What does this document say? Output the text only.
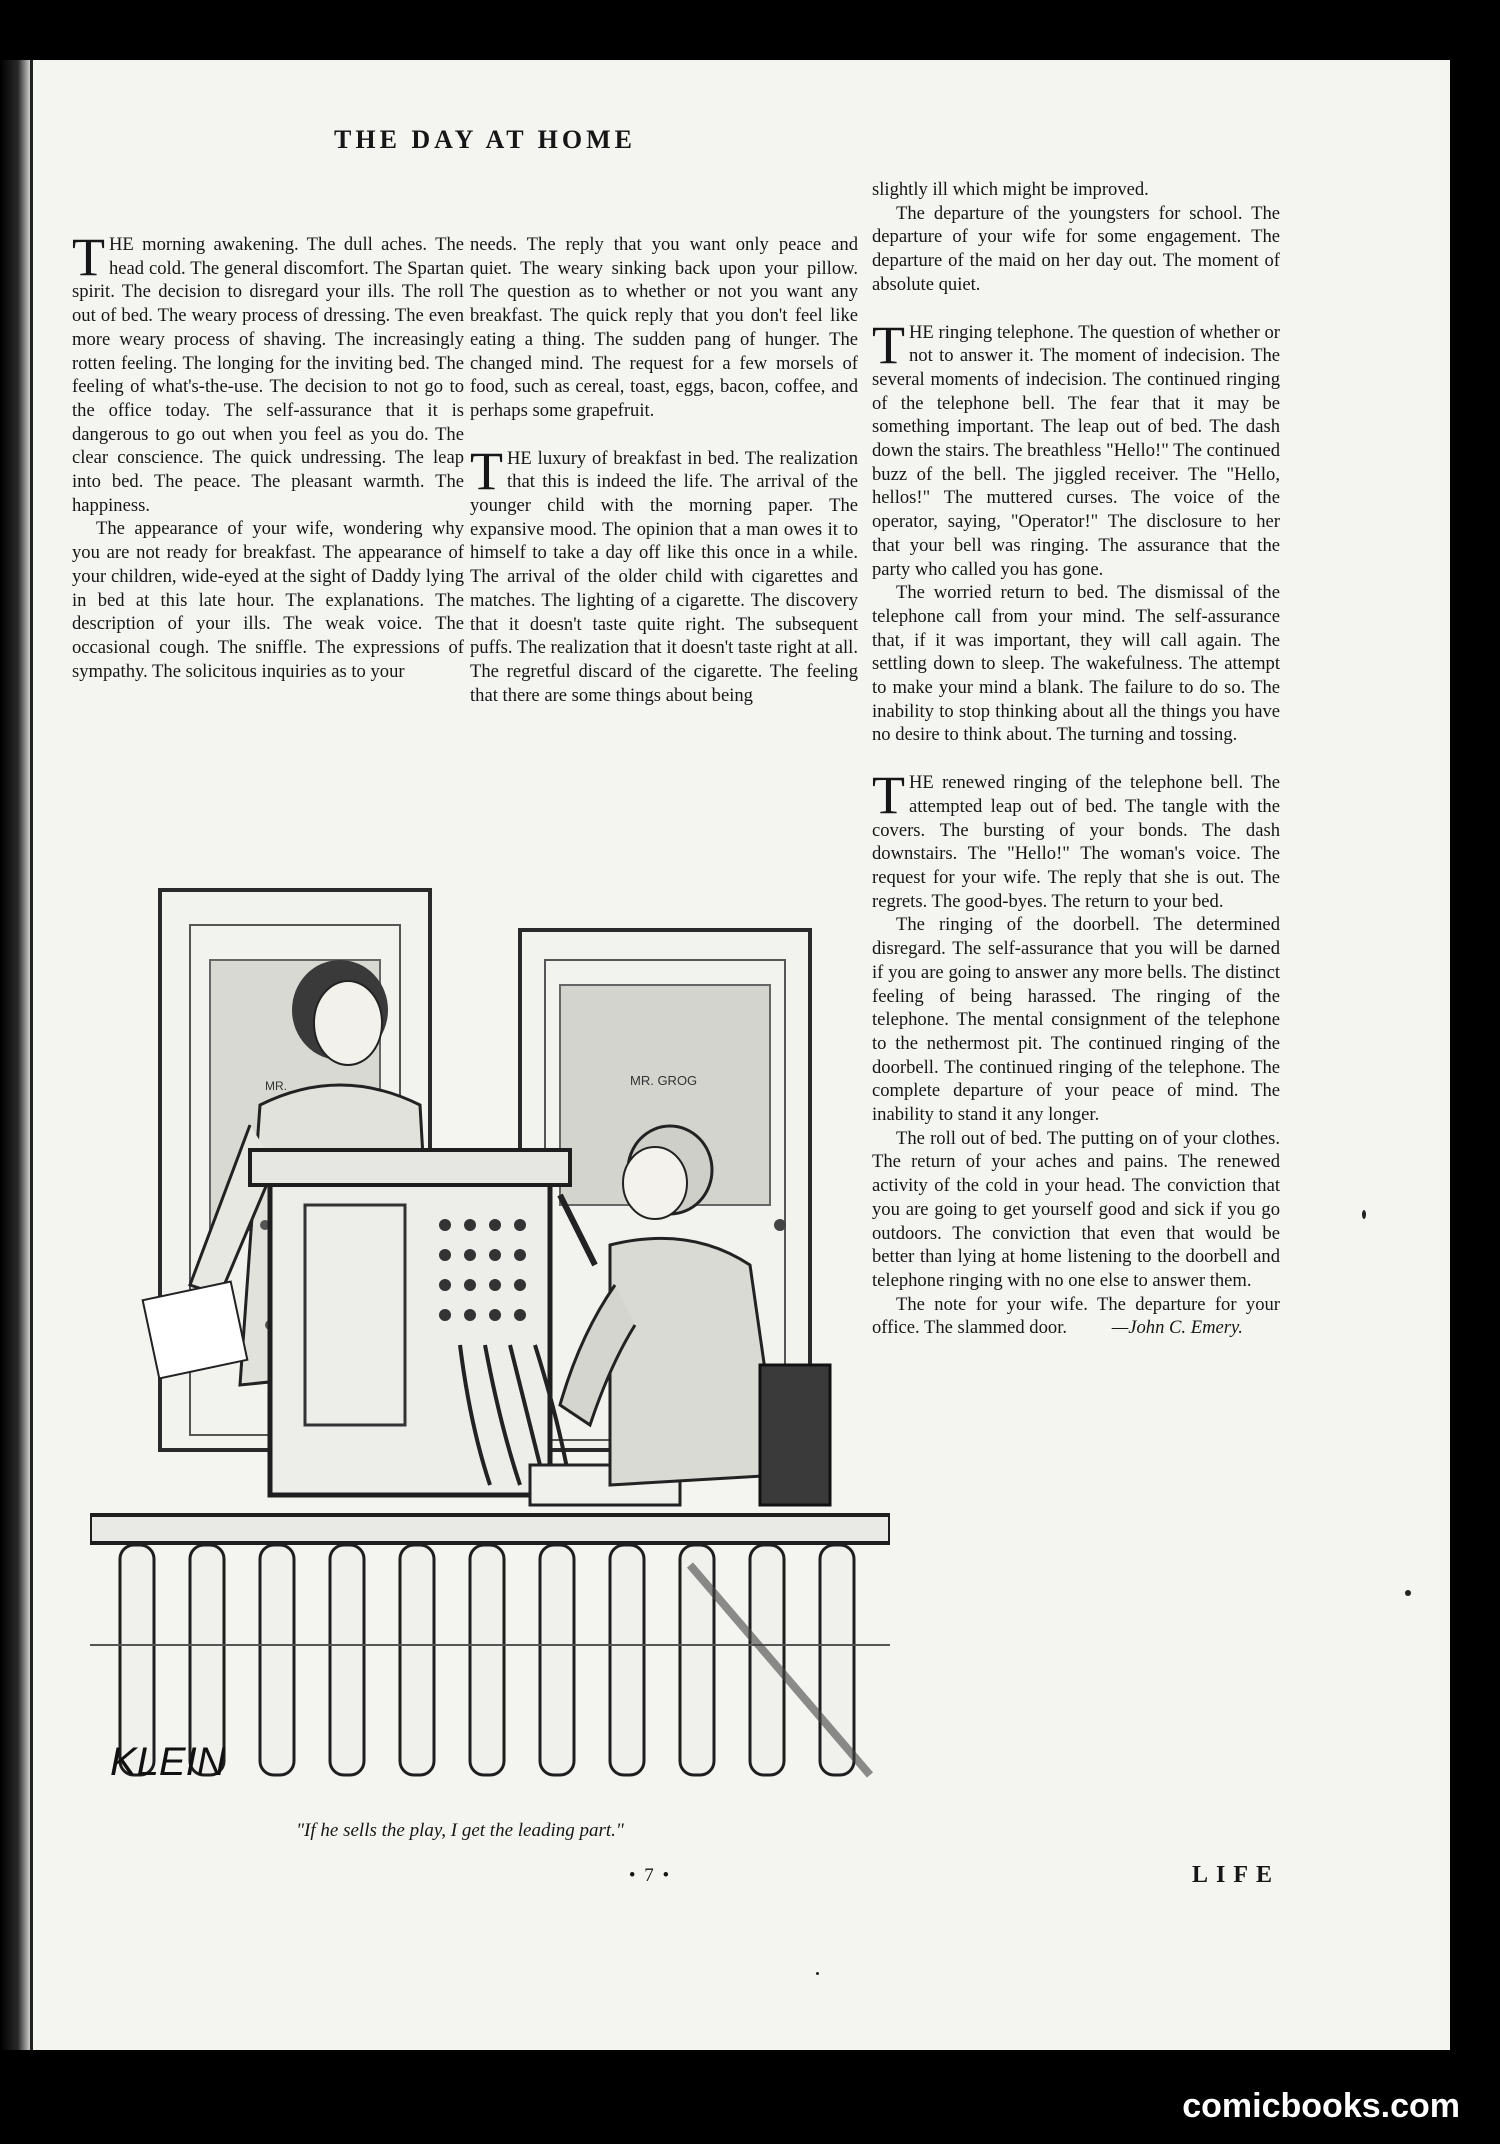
THE DAY AT HOME

THE morning awakening. The dull aches. The head cold. The general discomfort. The Spartan spirit. The decision to disregard your ills. The roll out of bed. The weary process of dressing. The even more weary process of shaving. The increasingly rotten feeling. The longing for the inviting bed. The feeling of what's-the-use. The decision to not go to the office today. The self-assurance that it is dangerous to go out when you feel as you do. The clear conscience. The quick undressing. The leap into bed. The peace. The pleasant warmth. The happiness.

The appearance of your wife, wondering why you are not ready for breakfast. The appearance of your children, wide-eyed at the sight of Daddy lying in bed at this late hour. The explanations. The description of your ills. The weak voice. The occasional cough. The sniffle. The expressions of sympathy. The solicitous inquiries as to your

needs. The reply that you want only peace and quiet. The weary sinking back upon your pillow. The question as to whether or not you want any breakfast. The quick reply that you don't feel like eating a thing. The sudden pang of hunger. The changed mind. The request for a few morsels of food, such as cereal, toast, eggs, bacon, coffee, and perhaps some grapefruit.

THE luxury of breakfast in bed. The realization that this is indeed the life. The arrival of the younger child with the morning paper. The expansive mood. The opinion that a man owes it to himself to take a day off like this once in a while. The arrival of the older child with cigarettes and matches. The lighting of a cigarette. The discovery that it doesn't taste quite right. The subsequent puffs. The realization that it doesn't taste right at all. The regretful discard of the cigarette. The feeling that there are some things about being

slightly ill which might be improved.

The departure of the youngsters for school. The departure of your wife for some engagement. The departure of the maid on her day out. The moment of absolute quiet.

THE ringing telephone. The question of whether or not to answer it. The moment of indecision. The several moments of indecision. The continued ringing of the telephone bell. The fear that it may be something important. The leap out of bed. The dash down the stairs. The breathless "Hello!" The continued buzz of the bell. The jiggled receiver. The "Hello, hellos!" The muttered curses. The voice of the operator, saying, "Operator!" The disclosure to her that your bell was ringing. The assurance that the party who called you has gone.

The worried return to bed. The dismissal of the telephone call from your mind. The self-assurance that, if it was important, they will call again. The settling down to sleep. The wakefulness. The attempt to make your mind a blank. The failure to do so. The inability to stop thinking about all the things you have no desire to think about. The turning and tossing.

THE renewed ringing of the telephone bell. The attempted leap out of bed. The tangle with the covers. The bursting of your bonds. The dash downstairs. The "Hello!" The woman's voice. The request for your wife. The reply that she is out. The regrets. The good-byes. The return to your bed.

The ringing of the doorbell. The determined disregard. The self-assurance that you will be darned if you are going to answer any more bells. The distinct feeling of being harassed. The ringing of the telephone. The mental consignment of the telephone to the nethermost pit. The continued ringing of the doorbell. The continued ringing of the telephone. The complete departure of your peace of mind. The inability to stand it any longer.

The roll out of bed. The putting on of your clothes. The return of your aches and pains. The renewed activity of the cold in your head. The conviction that you are going to get yourself good and sick if you go outdoors. The conviction that even that would be better than lying at home listening to the doorbell and telephone ringing with no one else to answer them.

The note for your wife. The departure for your office. The slammed door. —John C. Emery.

MR.	MR. GROG
KLEIN
"If he sells the play, I get the leading part."
• 7 •	LIFE
comicbooks.com
